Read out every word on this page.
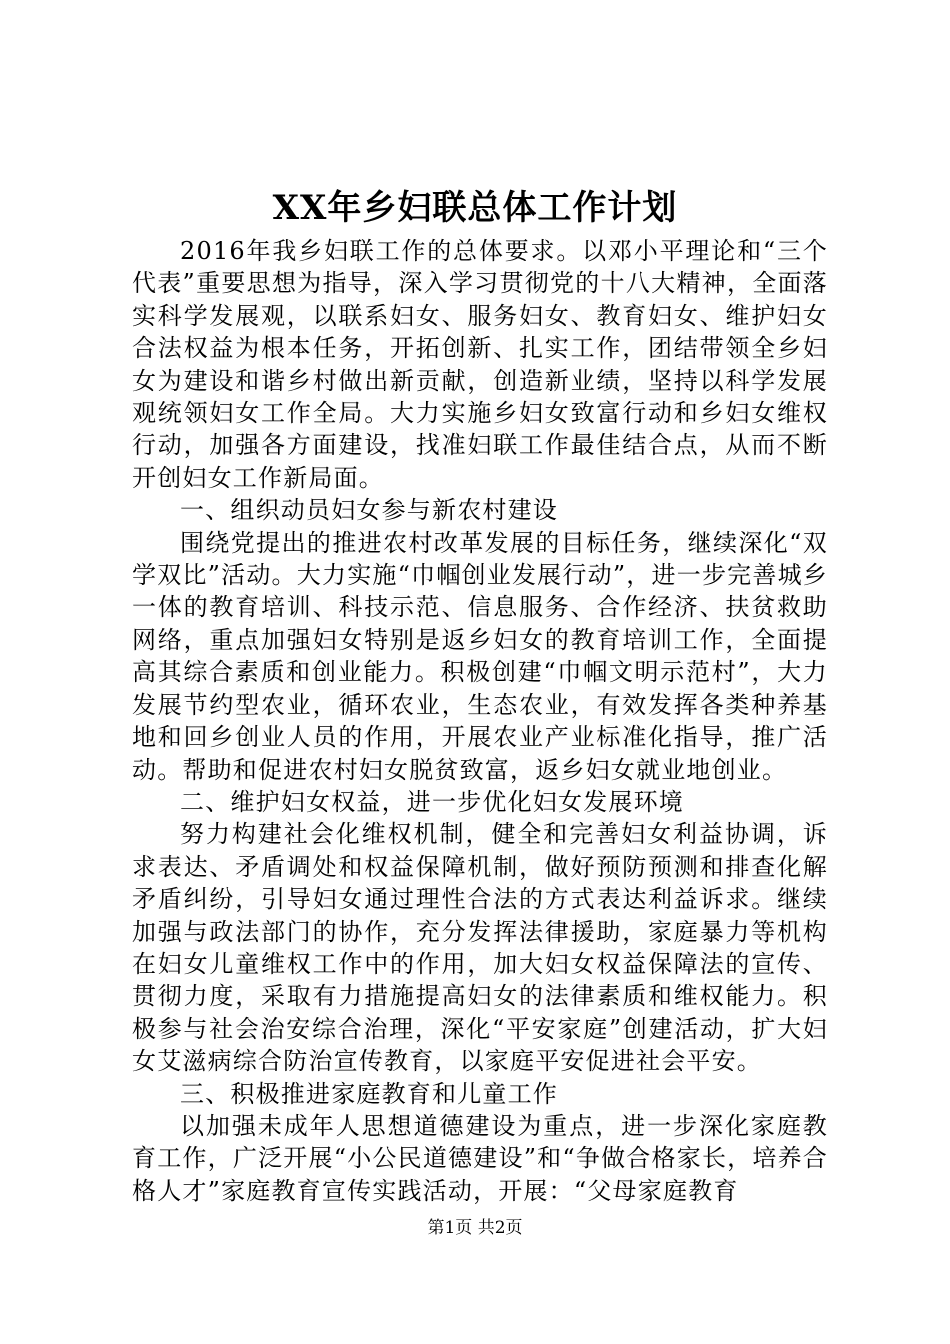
XX年乡妇联总体工作计划

2016年我乡妇联工作的总体要求。以邓小平理论和“三个代表”重要思想为指导，深入学习贯彻党的十八大精神，全面落实科学发展观，以联系妇女、服务妇女、教育妇女、维护妇女合法权益为根本任务，开拓创新、扎实工作，团结带领全乡妇女为建设和谐乡村做出新贡献，创造新业绩，坚持以科学发展观统领妇女工作全局。大力实施乡妇女致富行动和乡妇女维权行动，加强各方面建设，找准妇联工作最佳结合点，从而不断开创妇女工作新局面。

一、组织动员妇女参与新农村建设

围绕党提出的推进农村改革发展的目标任务，继续深化“双学双比”活动。大力实施“巾帼创业发展行动”，进一步完善城乡一体的教育培训、科技示范、信息服务、合作经济、扶贫救助网络，重点加强妇女特别是返乡妇女的教育培训工作，全面提高其综合素质和创业能力。积极创建“巾帼文明示范村”，大力发展节约型农业，循环农业，生态农业，有效发挥各类种养基地和回乡创业人员的作用，开展农业产业标准化指导，推广活动。帮助和促进农村妇女脱贫致富，返乡妇女就业地创业。

二、维护妇女权益，进一步优化妇女发展环境

努力构建社会化维权机制，健全和完善妇女利益协调，诉求表达、矛盾调处和权益保障机制，做好预防预测和排查化解矛盾纠纷，引导妇女通过理性合法的方式表达利益诉求。继续加强与政法部门的协作，充分发挥法律援助，家庭暴力等机构在妇女儿童维权工作中的作用，加大妇女权益保障法的宣传、贯彻力度，采取有力措施提高妇女的法律素质和维权能力。积极参与社会治安综合治理，深化“平安家庭”创建活动，扩大妇女艾滋病综合防治宣传教育，以家庭平安促进社会平安。

三、积极推进家庭教育和儿童工作

以加强未成年人思想道德建设为重点，进一步深化家庭教育工作，广泛开展“小公民道德建设”和“争做合格家长，培养合格人才”家庭教育宣传实践活动，开展：“父母家庭教育

第1页 共2页
